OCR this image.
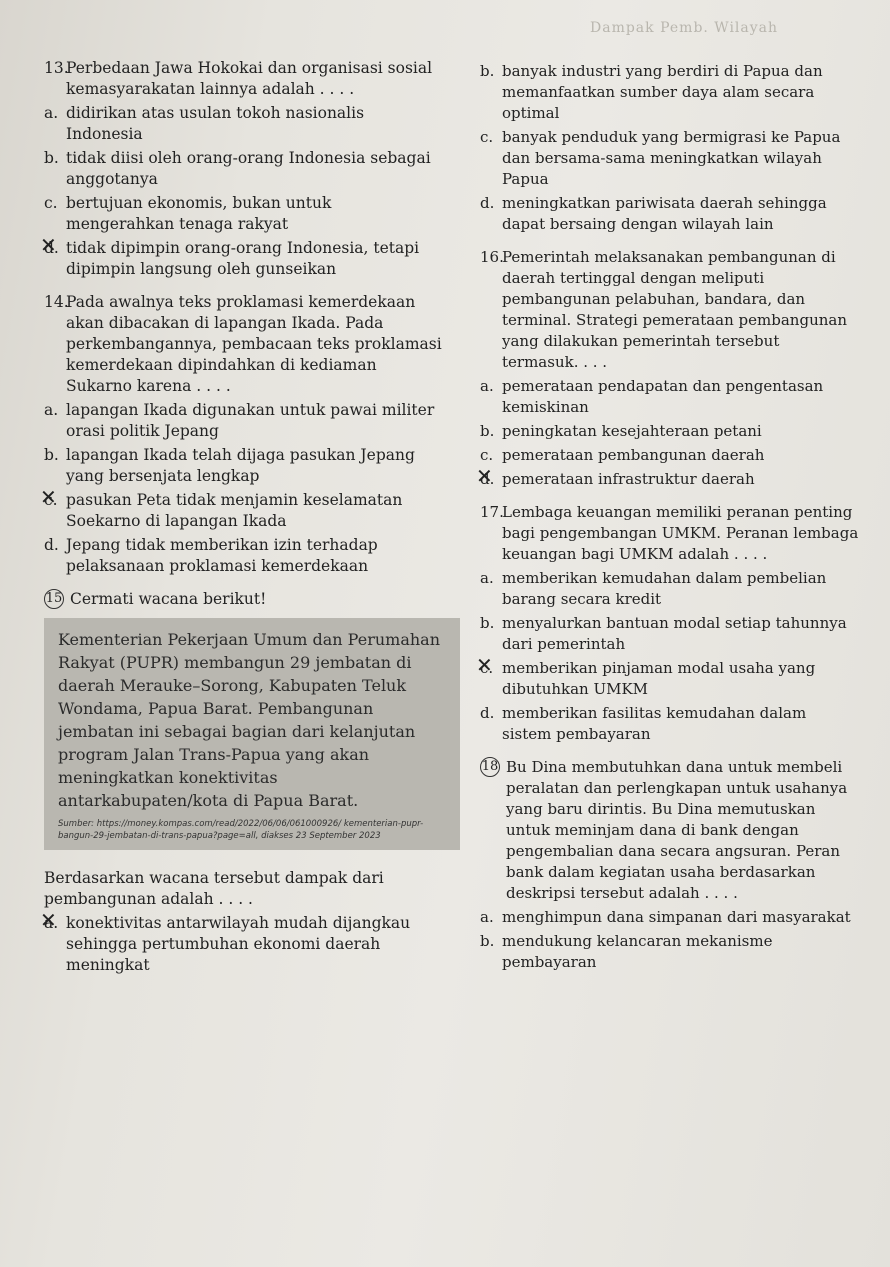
Dampak Pemb. Wilayah
13.
Perbedaan Jawa Hokokai dan organisasi sosial kemasyarakatan lainnya adalah . . . .
a. didirikan atas usulan tokoh nasionalis Indonesia
b. tidak diisi oleh orang-orang Indonesia sebagai anggotanya
c. bertujuan ekonomis, bukan untuk mengerahkan tenaga rakyat
✕ d. tidak dipimpin orang-orang Indonesia, tetapi dipimpin langsung oleh gunseikan
14.
Pada awalnya teks proklamasi kemerdekaan akan dibacakan di lapangan Ikada. Pada perkembangannya, pembacaan teks proklamasi kemerdekaan dipindahkan di kediaman Sukarno karena . . . .
a. lapangan Ikada digunakan untuk pawai militer orasi politik Jepang
b. lapangan Ikada telah dijaga pasukan Jepang yang bersenjata lengkap
✕ c. pasukan Peta tidak menjamin keselamatan Soekarno di lapangan Ikada
d. Jepang tidak memberikan izin terhadap pelaksanaan proklamasi kemerdekaan
15 Cermati wacana berikut!
Kementerian Pekerjaan Umum dan Perumahan Rakyat (PUPR) membangun 29 jembatan di daerah Merauke–Sorong, Kabupaten Teluk Wondama, Papua Barat. Pembangunan jembatan ini sebagai bagian dari kelanjutan program Jalan Trans-Papua yang akan meningkatkan konektivitas antarkabupaten/kota di Papua Barat.
Sumber: https://money.kompas.com/read/2022/06/06/061000926/ kementerian-pupr-bangun-29-jembatan-di-trans-papua?page=all, diakses 23 September 2023
Berdasarkan wacana tersebut dampak dari pembangunan adalah . . . .
✕ a. konektivitas antarwilayah mudah dijangkau sehingga pertumbuhan ekonomi daerah meningkat
b. banyak industri yang berdiri di Papua dan memanfaatkan sumber daya alam secara optimal
c. banyak penduduk yang bermigrasi ke Papua dan bersama-sama meningkatkan wilayah Papua
d. meningkatkan pariwisata daerah sehingga dapat bersaing dengan wilayah lain
16.
Pemerintah melaksanakan pembangunan di daerah tertinggal dengan meliputi pembangunan pelabuhan, bandara, dan terminal. Strategi pemerataan pembangunan yang dilakukan pemerintah tersebut termasuk. . . .
a. pemerataan pendapatan dan pengentasan kemiskinan
b. peningkatan kesejahteraan petani
c. pemerataan pembangunan daerah
✕ d. pemerataan infrastruktur daerah
17.
Lembaga keuangan memiliki peranan penting bagi pengembangan UMKM. Peranan lembaga keuangan bagi UMKM adalah . . . .
a. memberikan kemudahan dalam pembelian barang secara kredit
b. menyalurkan bantuan modal setiap tahunnya dari pemerintah
✕ c. memberikan pinjaman modal usaha yang dibutuhkan UMKM
d. memberikan fasilitas kemudahan dalam sistem pembayaran
18 Bu Dina membutuhkan dana untuk membeli peralatan dan perlengkapan untuk usahanya yang baru dirintis. Bu Dina memutuskan untuk meminjam dana di bank dengan pengembalian dana secara angsuran. Peran bank dalam kegiatan usaha berdasarkan deskripsi tersebut adalah . . . .
a. menghimpun dana simpanan dari masyarakat
b. mendukung kelancaran mekanisme pembayaran
